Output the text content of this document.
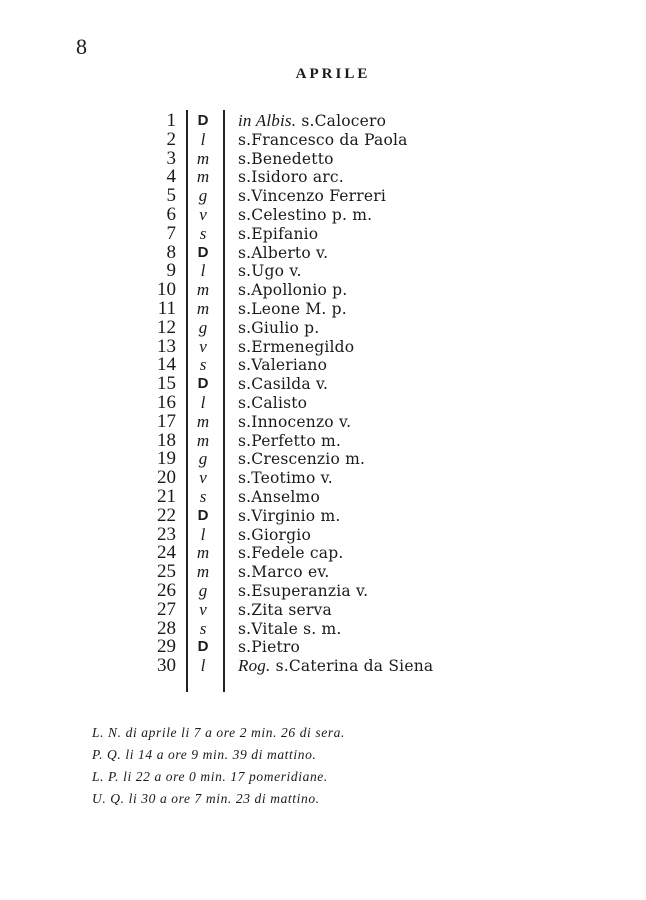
8
APRILE
1	D	in Albis. s.Calocero
2	l	s.Francesco da Paola
3	m	s.Benedetto
4	m	s.Isidoro arc.
5	g	s.Vincenzo Ferreri
6	v	s.Celestino p. m.
7	s	s.Epifanio
8	D	s.Alberto v.
9	l	s.Ugo v.
10	m	s.Apollonio p.
11	m	s.Leone M. p.
12	g	s.Giulio p.
13	v	s.Ermenegildo
14	s	s.Valeriano
15	D	s.Casilda v.
16	l	s.Calisto
17	m	s.Innocenzo v.
18	m	s.Perfetto m.
19	g	s.Crescenzio m.
20	v	s.Teotimo v.
21	s	s.Anselmo
22	D	s.Virginio m.
23	l	s.Giorgio
24	m	s.Fedele cap.
25	m	s.Marco ev.
26	g	s.Esuperanzia v.
27	v	s.Zita serva
28	s	s.Vitale s. m.
29	D	s.Pietro
30	l	Rog. s.Caterina da Siena
L. N. di aprile li 7 a ore 2 min. 26 di sera.
P. Q. li 14 a ore 9 min. 39 di mattino.
L. P. li 22 a ore 0 min. 17 pomeridiane.
U. Q. li 30 a ore 7 min. 23 di mattino.
